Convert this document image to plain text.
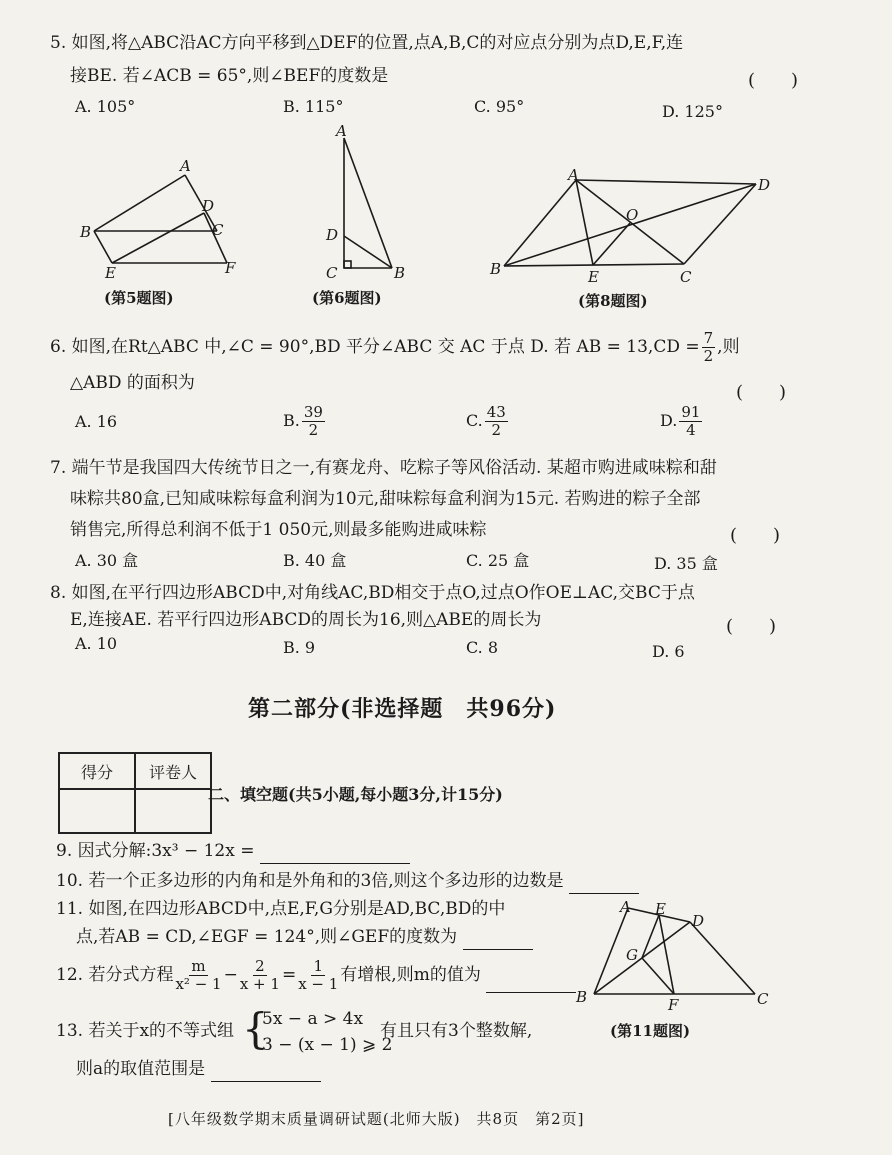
5. 如图,将△ABC沿AC方向平移到△DEF的位置,点A,B,C的对应点分别为点D,E,F,连
接BE. 若∠ACB = 65°,则∠BEF的度数是	(　　)
A. 105°	B. 115°	C. 95°	D. 125°
A
B	C
D
E	F
(第5题图)
A
B
C
D
(第6题图)
A
B	C
D
E
O
(第8题图)
6. 如图,在Rt△ABC 中,∠C = 90°,BD 平分∠ABC 交 AC 于点 D. 若 AB = $13,CD = \frac{7}{2}$ ,则
△ABD 的面积为	(　　)
A. 16	B. $\frac{39}{2}$	C. $\frac{43}{2}$	D. $\frac{91}{4}$
7. 端午节是我国四大传统节日之一,有赛龙舟、吃粽子等风俗活动. 某超市购进咸味粽和甜
味粽共80盒,已知咸味粽每盒利润为10元,甜味粽每盒利润为15元. 若购进的粽子全部
销售完,所得总利润不低于1 050元,则最多能购进咸味粽	(　　)
A. 30 盒	B. 40 盒	C. 25 盒	D. 35 盒
8. 如图,在平行四边形ABCD中,对角线AC,BD相交于点O,过点O作OE⊥AC,交BC于点
E,连接AE. 若平行四边形ABCD的周长为16,则△ABE的周长为	(　　)
A. 10	B. 9	C. 8	D. 6
第二部分(非选择题　共96分)
得分	评卷人

二、填空题(共5小题,每小题3分,计15分)
9. 因式分解:3x³ − 12x =
10. 若一个正多边形的内角和是外角和的3倍,则这个多边形的边数是
11. 如图,在四边形ABCD中,点E,F,G分别是AD,BC,BD的中
点,若AB = CD,∠EGF = 124°,则∠GEF的度数为
A
B	C
D
E
F
G
(第11题图)
12. 若分式方程 $\frac{m}{\text{x² − 1}} - \frac{2}{x + 1} = \frac{1}{x - 1}$ 有增根,则m的值为
13. 若关于x的不等式组 {
5x − a > 4x
3 − (x − 1) ⩾ 2
有且只有3个整数解,
则a的取值范围是
[八年级数学期末质量调研试题(北师大版)　共8页　第2页]
